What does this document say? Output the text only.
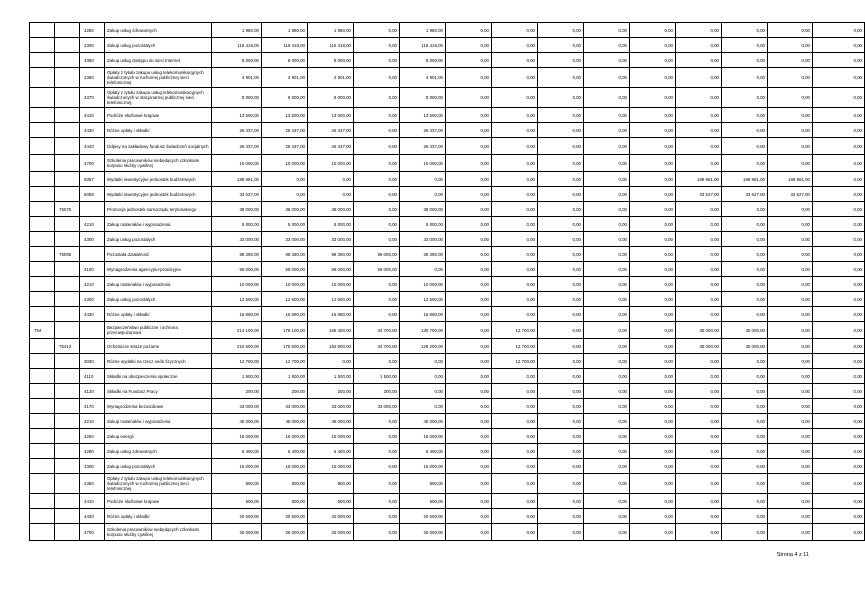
		4280	Zakup usług zdrowotnych	1 980,00	1 980,00	1 980,00	0,00	1 980,00	0,00	0,00	0,00	0,00	0,00	0,00	0,00	0,00	0,00
		4300	Zakup usług pozostałych	115 418,00	115 418,00	115 418,00	0,00	115 418,00	0,00	0,00	0,00	0,00	0,00	0,00	0,00	0,00	0,00
		4350	Zakup usług dostępu do sieci Internet	8 000,00	8 000,00	8 000,00	0,00	8 000,00	0,00	0,00	0,00	0,00	0,00	0,00	0,00	0,00	0,00
		4360	Opłaty z tytułu zakupu usług telekomunikacyjnych świadczonych w ruchomej publicznej sieci telefonicznej	4 901,00	4 901,00	4 901,00	0,00	4 901,00	0,00	0,00	0,00	0,00	0,00	0,00	0,00	0,00	0,00
		4370	Opłaty z tytułu zakupu usług telekomunikacyjnych świadczonych w stacjonarnej publicznej sieci telefonicznej.	9 000,00	9 000,00	9 000,00	0,00	9 000,00	0,00	0,00	0,00	0,00	0,00	0,00	0,00	0,00	0,00
		4410	Podróże służbowe krajowe	13 500,00	13 500,00	13 500,00	0,00	13 500,00	0,00	0,00	0,00	0,00	0,00	0,00	0,00	0,00	0,00
		4430	Różne opłaty i składki	26 437,00	26 437,00	26 437,00	0,00	26 437,00	0,00	0,00	0,00	0,00	0,00	0,00	0,00	0,00	0,00
		4440	Odpisy na zakładowy fundusz świadczeń socjalnych	26 437,00	26 437,00	26 437,00	0,00	26 437,00	0,00	0,00	0,00	0,00	0,00	0,00	0,00	0,00	0,00
		4700	Szkolenia pracowników niebędących członkami korpusu służby cywilnej	10 000,00	10 000,00	10 000,00	0,00	10 000,00	0,00	0,00	0,00	0,00	0,00	0,00	0,00	0,00	0,00
		6057	Wydatki inwestycyjne jednostek budżetowych	189 981,00	0,00	0,00	0,00	0,00	0,00	0,00	0,00	0,00	0,00	189 981,00	189 981,00	189 981,00	0,00
		6059	Wydatki inwestycyjne jednostek budżetowych	33 527,00	0,00	0,00	0,00	0,00	0,00	0,00	0,00	0,00	0,00	33 527,00	33 527,00	33 527,00	0,00
	75075		Promocja jednostek samorządu terytorialnego	38 000,00	38 000,00	38 000,00	0,00	38 000,00	0,00	0,00	0,00	0,00	0,00	0,00	0,00	0,00	0,00
		4210	Zakup materiałów i wyposażenia	5 000,00	5 000,00	5 000,00	0,00	5 000,00	0,00	0,00	0,00	0,00	0,00	0,00	0,00	0,00	0,00
		4300	Zakup usług pozostałych	33 000,00	33 000,00	33 000,00	0,00	33 000,00	0,00	0,00	0,00	0,00	0,00	0,00	0,00	0,00	0,00
	75095		Pozostała działalność	98 390,00	98 390,00	98 390,00	59 000,00	39 390,00	0,00	0,00	0,00	0,00	0,00	0,00	0,00	0,00	0,00
		4100	Wynagrodzenia agencyjno-prowizyjne	59 000,00	59 000,00	59 000,00	59 000,00	0,00	0,00	0,00	0,00	0,00	0,00	0,00	0,00	0,00	0,00
		4210	Zakup materiałów i wyposażenia	10 000,00	10 000,00	10 000,00	0,00	10 000,00	0,00	0,00	0,00	0,00	0,00	0,00	0,00	0,00	0,00
		4300	Zakup usług pozostałych	12 500,00	12 500,00	12 500,00	0,00	12 500,00	0,00	0,00	0,00	0,00	0,00	0,00	0,00	0,00	0,00
		4430	Różne opłaty i składki	16 890,00	16 890,00	16 890,00	0,00	16 890,00	0,00	0,00	0,00	0,00	0,00	0,00	0,00	0,00	0,00
754			Bezpieczeństwo publiczne i ochrona przeciwpożarowa	213 100,00	178 100,00	165 400,00	34 700,00	130 700,00	0,00	12 700,00	0,00	0,00	0,00	35 000,00	35 000,00	0,00	0,00
	75412		Ochotnicze straże pożarne	210 600,00	175 600,00	162 900,00	34 700,00	128 200,00	0,00	12 700,00	0,00	0,00	0,00	35 000,00	35 000,00	0,00	0,00
		3030	Różne wydatki na rzecz osób fizycznych	12 700,00	12 700,00	0,00	0,00	0,00	0,00	12 700,00	0,00	0,00	0,00	0,00	0,00	0,00	0,00
		4110	Składki na ubezpieczenia społeczne	1 500,00	1 500,00	1 500,00	1 500,00	0,00	0,00	0,00	0,00	0,00	0,00	0,00	0,00	0,00	0,00
		4120	Składki na Fundusz Pracy	200,00	200,00	200,00	200,00	0,00	0,00	0,00	0,00	0,00	0,00	0,00	0,00	0,00	0,00
		4170	Wynagrodzenia bezosobowe	33 000,00	33 000,00	33 000,00	33 000,00	0,00	0,00	0,00	0,00	0,00	0,00	0,00	0,00	0,00	0,00
		4210	Zakup materiałów i wyposażenia	45 000,00	45 000,00	45 000,00	0,00	45 000,00	0,00	0,00	0,00	0,00	0,00	0,00	0,00	0,00	0,00
		4260	Zakup energii	15 000,00	15 000,00	15 000,00	0,00	15 000,00	0,00	0,00	0,00	0,00	0,00	0,00	0,00	0,00	0,00
		4280	Zakup usług zdrowotnych	6 400,00	6 400,00	6 400,00	0,00	6 400,00	0,00	0,00	0,00	0,00	0,00	0,00	0,00	0,00	0,00
		4300	Zakup usług pozostałych	15 000,00	15 000,00	15 000,00	0,00	15 000,00	0,00	0,00	0,00	0,00	0,00	0,00	0,00	0,00	0,00
		4360	Opłaty z tytułu zakupu usług telekomunikacyjnych świadczonych w ruchomej publicznej sieci telefonicznej	800,00	800,00	800,00	0,00	800,00	0,00	0,00	0,00	0,00	0,00	0,00	0,00	0,00	0,00
		4410	Podróże służbowe krajowe	500,00	500,00	500,00	0,00	500,00	0,00	0,00	0,00	0,00	0,00	0,00	0,00	0,00	0,00
		4430	Różne opłaty i składki	20 500,00	20 500,00	20 500,00	0,00	20 500,00	0,00	0,00	0,00	0,00	0,00	0,00	0,00	0,00	0,00
		4700	Szkolenia pracowników niebędących członkami korpusu służby cywilnej	25 000,00	25 000,00	25 000,00	0,00	25 000,00	0,00	0,00	0,00	0,00	0,00	0,00	0,00	0,00	0,00
Strona 4 z 11
